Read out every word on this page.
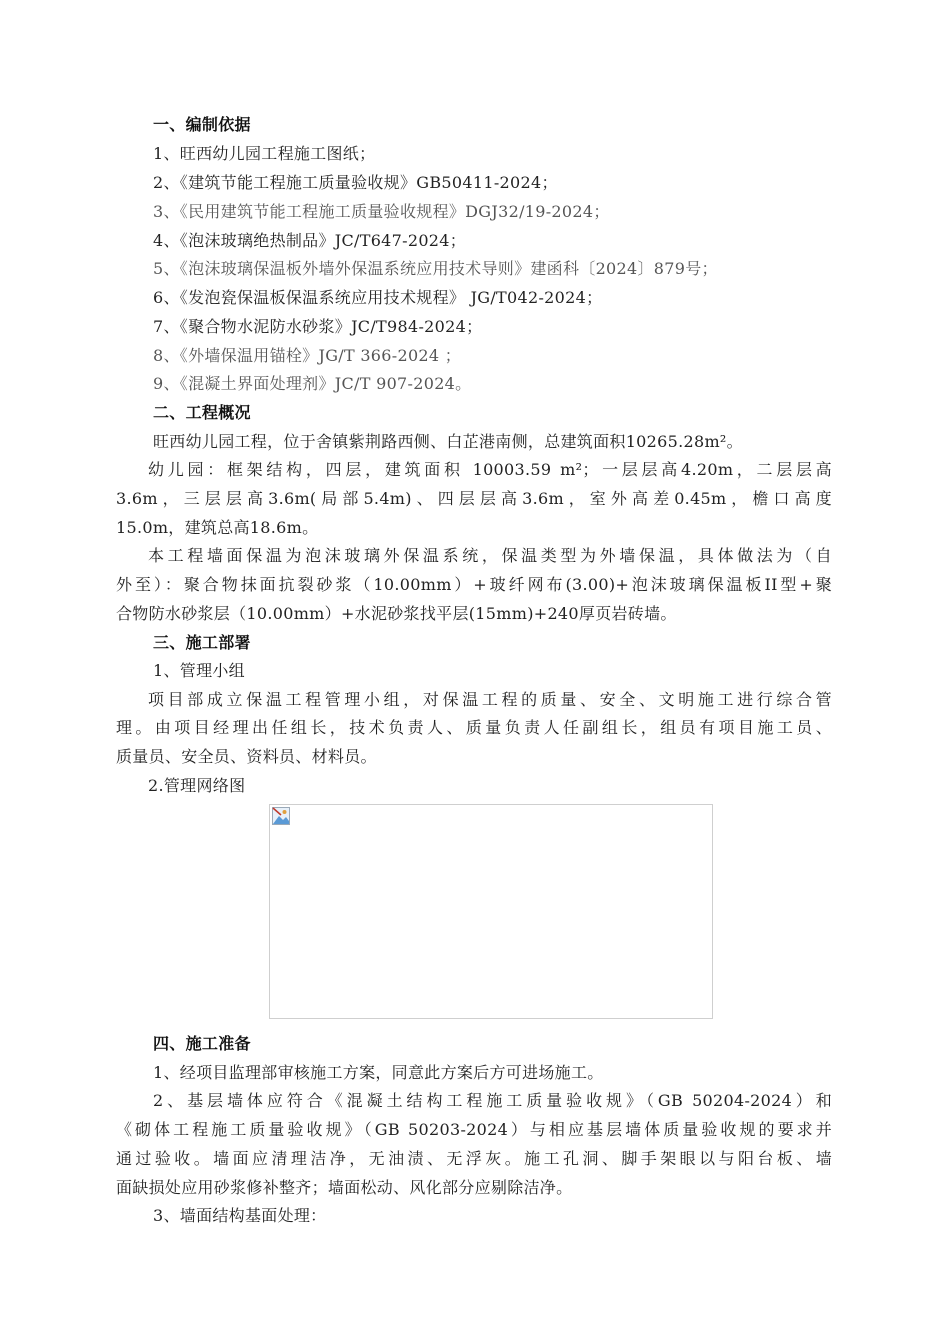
一、编制依据
1、旺西幼儿园工程施工图纸；
2、《建筑节能工程施工质量验收规》GB50411-2024；
3、《民用建筑节能工程施工质量验收规程》DGJ32/19-2024；
4、《泡沫玻璃绝热制品》JC/T647-2024；
5、《泡沫玻璃保温板外墙外保温系统应用技术导则》建函科〔2024〕879号；
6、《发泡瓷保温板保温系统应用技术规程》 JG/T042-2024；
7、《聚合物水泥防水砂浆》JC/T984-2024；
8、《外墙保温用锚栓》JG/T 366-2024 ；
9、《混凝土界面处理剂》JC/T 907-2024。
二、工程概况
旺西幼儿园工程，位于舍镇紫荆路西侧、白芷港南侧，总建筑面积10265.28m²。
幼儿园：框架结构，四层，建筑面积 10003.59 m²；一层层高4.20m，二层层高
3.6m，三层层高3.6m(局部5.4m)、四层层高3.6m，室外高差0.45m，檐口高度
15.0m，建筑总高18.6m。
本工程墙面保温为泡沫玻璃外保温系统，保温类型为外墙保温，具体做法为（自
外至）：聚合物抹面抗裂砂浆（10.00mm）+玻纤网布(3.00)+泡沫玻璃保温板II型+聚
合物防水砂浆层（10.00mm）+水泥砂浆找平层(15mm)+240厚页岩砖墙。
三、施工部署
1、管理小组
项目部成立保温工程管理小组，对保温工程的质量、安全、文明施工进行综合管
理。由项目经理出任组长，技术负责人、质量负责人任副组长，组员有项目施工员、
质量员、安全员、资料员、材料员。
2.管理网络图
四、施工准备
1、经项目监理部审核施工方案，同意此方案后方可进场施工。
2、基层墙体应符合《混凝土结构工程施工质量验收规》（GB 50204-2024）和
《砌体工程施工质量验收规》（GB 50203-2024）与相应基层墙体质量验收规的要求并
通过验收。墙面应清理洁净，无油渍、无浮灰。施工孔洞、脚手架眼以与阳台板、墙
面缺损处应用砂浆修补整齐；墙面松动、风化部分应剔除洁净。
3、墙面结构基面处理：
